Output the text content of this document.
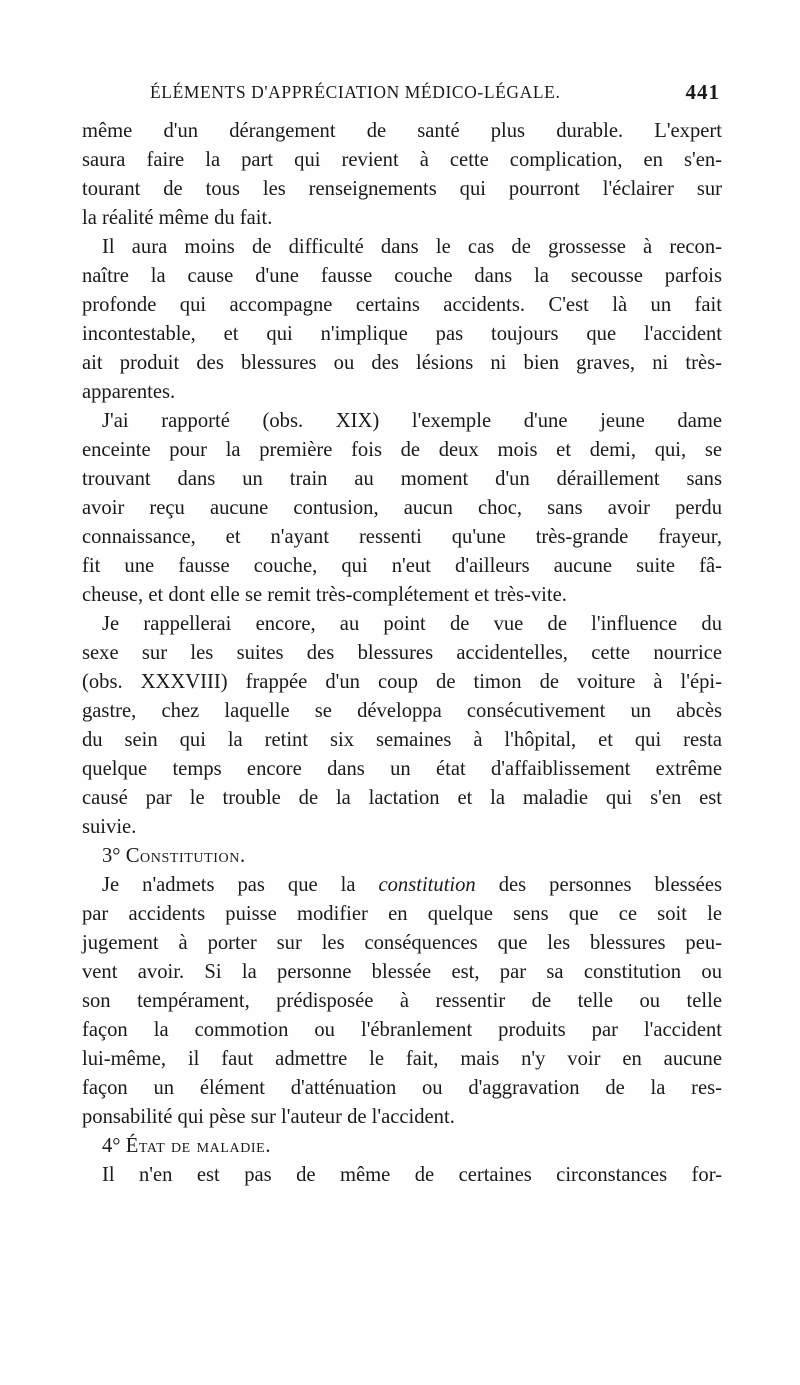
ÉLÉMENTS D'APPRÉCIATION MÉDICO-LÉGALE.	441
même d'un dérangement de santé plus durable. L'expert
saura faire la part qui revient à cette complication, en s'en-
tourant de tous les renseignements qui pourront l'éclairer sur
la réalité même du fait.
Il aura moins de difficulté dans le cas de grossesse à recon-
naître la cause d'une fausse couche dans la secousse parfois
profonde qui accompagne certains accidents. C'est là un fait
incontestable, et qui n'implique pas toujours que l'accident
ait produit des blessures ou des lésions ni bien graves, ni très-
apparentes.
J'ai rapporté (obs. XIX) l'exemple d'une jeune dame
enceinte pour la première fois de deux mois et demi, qui, se
trouvant dans un train au moment d'un déraillement sans
avoir reçu aucune contusion, aucun choc, sans avoir perdu
connaissance, et n'ayant ressenti qu'une très-grande frayeur,
fit une fausse couche, qui n'eut d'ailleurs aucune suite fâ-
cheuse, et dont elle se remit très-complétement et très-vite.
Je rappellerai encore, au point de vue de l'influence du
sexe sur les suites des blessures accidentelles, cette nourrice
(obs. XXXVIII) frappée d'un coup de timon de voiture à l'épi-
gastre, chez laquelle se développa consécutivement un abcès
du sein qui la retint six semaines à l'hôpital, et qui resta
quelque temps encore dans un état d'affaiblissement extrême
causé par le trouble de la lactation et la maladie qui s'en est
suivie.
3° Constitution.
Je n'admets pas que la constitution des personnes blessées
par accidents puisse modifier en quelque sens que ce soit le
jugement à porter sur les conséquences que les blessures peu-
vent avoir. Si la personne blessée est, par sa constitution ou
son tempérament, prédisposée à ressentir de telle ou telle
façon la commotion ou l'ébranlement produits par l'accident
lui-même, il faut admettre le fait, mais n'y voir en aucune
façon un élément d'atténuation ou d'aggravation de la res-
ponsabilité qui pèse sur l'auteur de l'accident.
4° État de maladie.
Il n'en est pas de même de certaines circonstances for-
